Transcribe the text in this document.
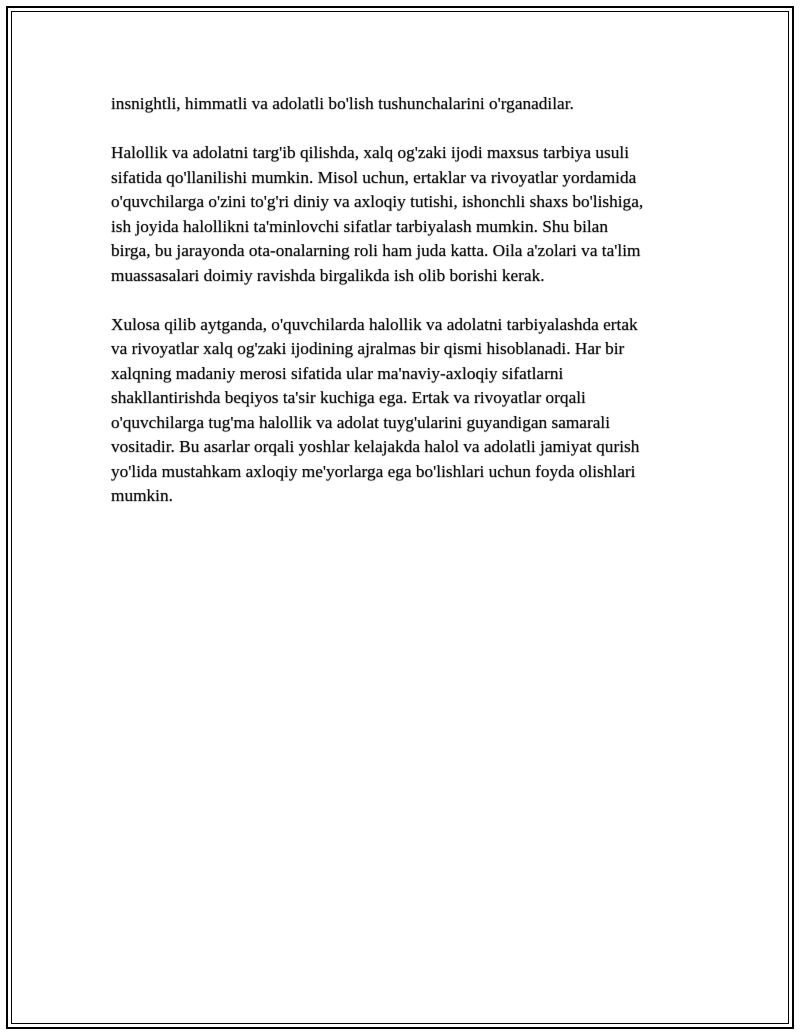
insnightli, himmatli va adolatli bo'lish tushunchalarini o'rganadilar.

Halollik va adolatni targ'ib qilishda, xalq og'zaki ijodi maxsus tarbiya usuli
sifatida qo'llanilishi mumkin. Misol uchun, ertaklar va rivoyatlar yordamida
o'quvchilarga o'zini to'g'ri diniy va axloqiy tutishi, ishonchli shaxs bo'lishiga,
ish joyida halollikni ta'minlovchi sifatlar tarbiyalash mumkin. Shu bilan
birga, bu jarayonda ota-onalarning roli ham juda katta. Oila a'zolari va ta'lim
muassasalari doimiy ravishda birgalikda ish olib borishi kerak.

Xulosa qilib aytganda, o'quvchilarda halollik va adolatni tarbiyalashda ertak
va rivoyatlar xalq og'zaki ijodining ajralmas bir qismi hisoblanadi. Har bir
xalqning madaniy merosi sifatida ular ma'naviy-axloqiy sifatlarni
shakllantirishda beqiyos ta'sir kuchiga ega. Ertak va rivoyatlar orqali
o'quvchilarga tug'ma halollik va adolat tuyg'ularini guyandigan samarali
vositadir. Bu asarlar orqali yoshlar kelajakda halol va adolatli jamiyat qurish
yo'lida mustahkam axloqiy me'yorlarga ega bo'lishlari uchun foyda olishlari
mumkin.
